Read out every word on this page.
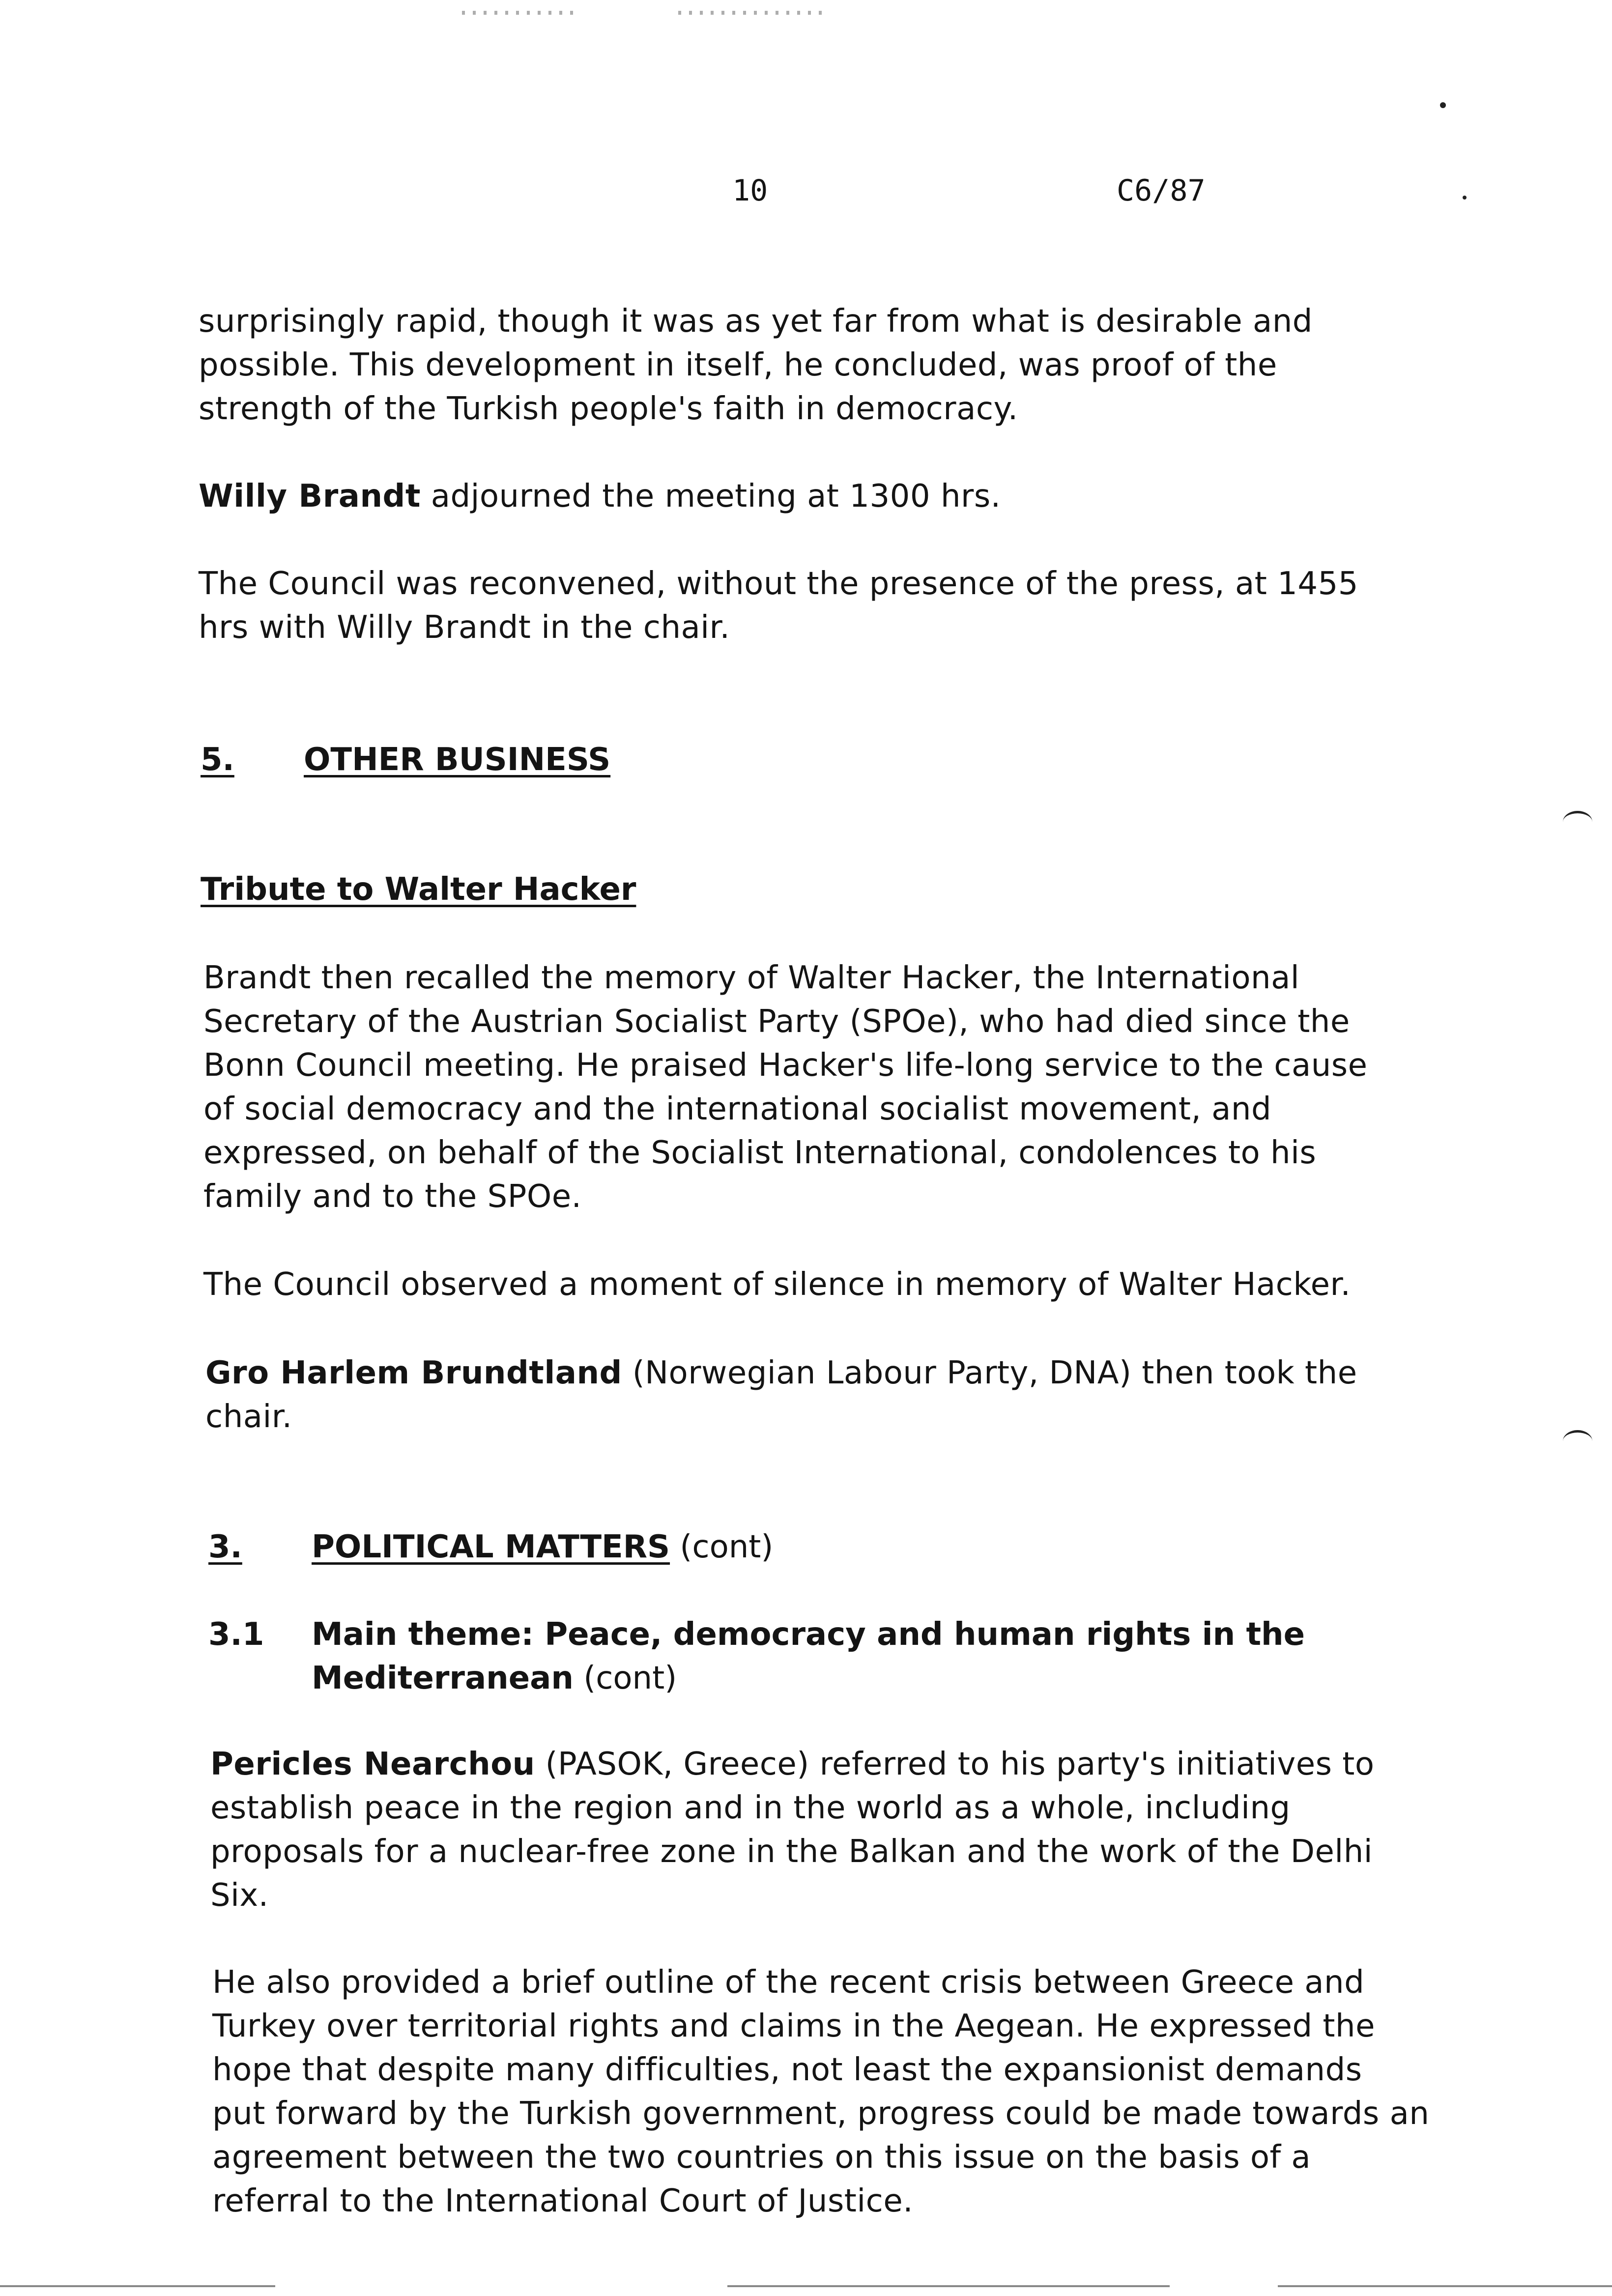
10	C6/87
surprisingly rapid, though it was as yet far from what is desirable and
possible. This development in itself, he concluded, was proof of the
strength of the Turkish people's faith in democracy.
Willy Brandt adjourned the meeting at 1300 hrs.
The Council was reconvened, without the presence of the press, at 1455
hrs with Willy Brandt in the chair.
5. OTHER BUSINESS
Tribute to Walter Hacker
Brandt then recalled the memory of Walter Hacker, the International
Secretary of the Austrian Socialist Party (SPOe), who had died since the
Bonn Council meeting. He praised Hacker's life-long service to the cause
of social democracy and the international socialist movement, and
expressed, on behalf of the Socialist International, condolences to his
family and to the SPOe.
The Council observed a moment of silence in memory of Walter Hacker.
Gro Harlem Brundtland (Norwegian Labour Party, DNA) then took the
chair.
3. POLITICAL MATTERS (cont)
3.1 Main theme: Peace, democracy and human rights in the
Mediterranean (cont)
Pericles Nearchou (PASOK, Greece) referred to his party's initiatives to
establish peace in the region and in the world as a whole, including
proposals for a nuclear-free zone in the Balkan and the work of the Delhi
Six.
He also provided a brief outline of the recent crisis between Greece and
Turkey over territorial rights and claims in the Aegean. He expressed the
hope that despite many difficulties, not least the expansionist demands
put forward by the Turkish government, progress could be made towards an
agreement between the two countries on this issue on the basis of a
referral to the International Court of Justice.
